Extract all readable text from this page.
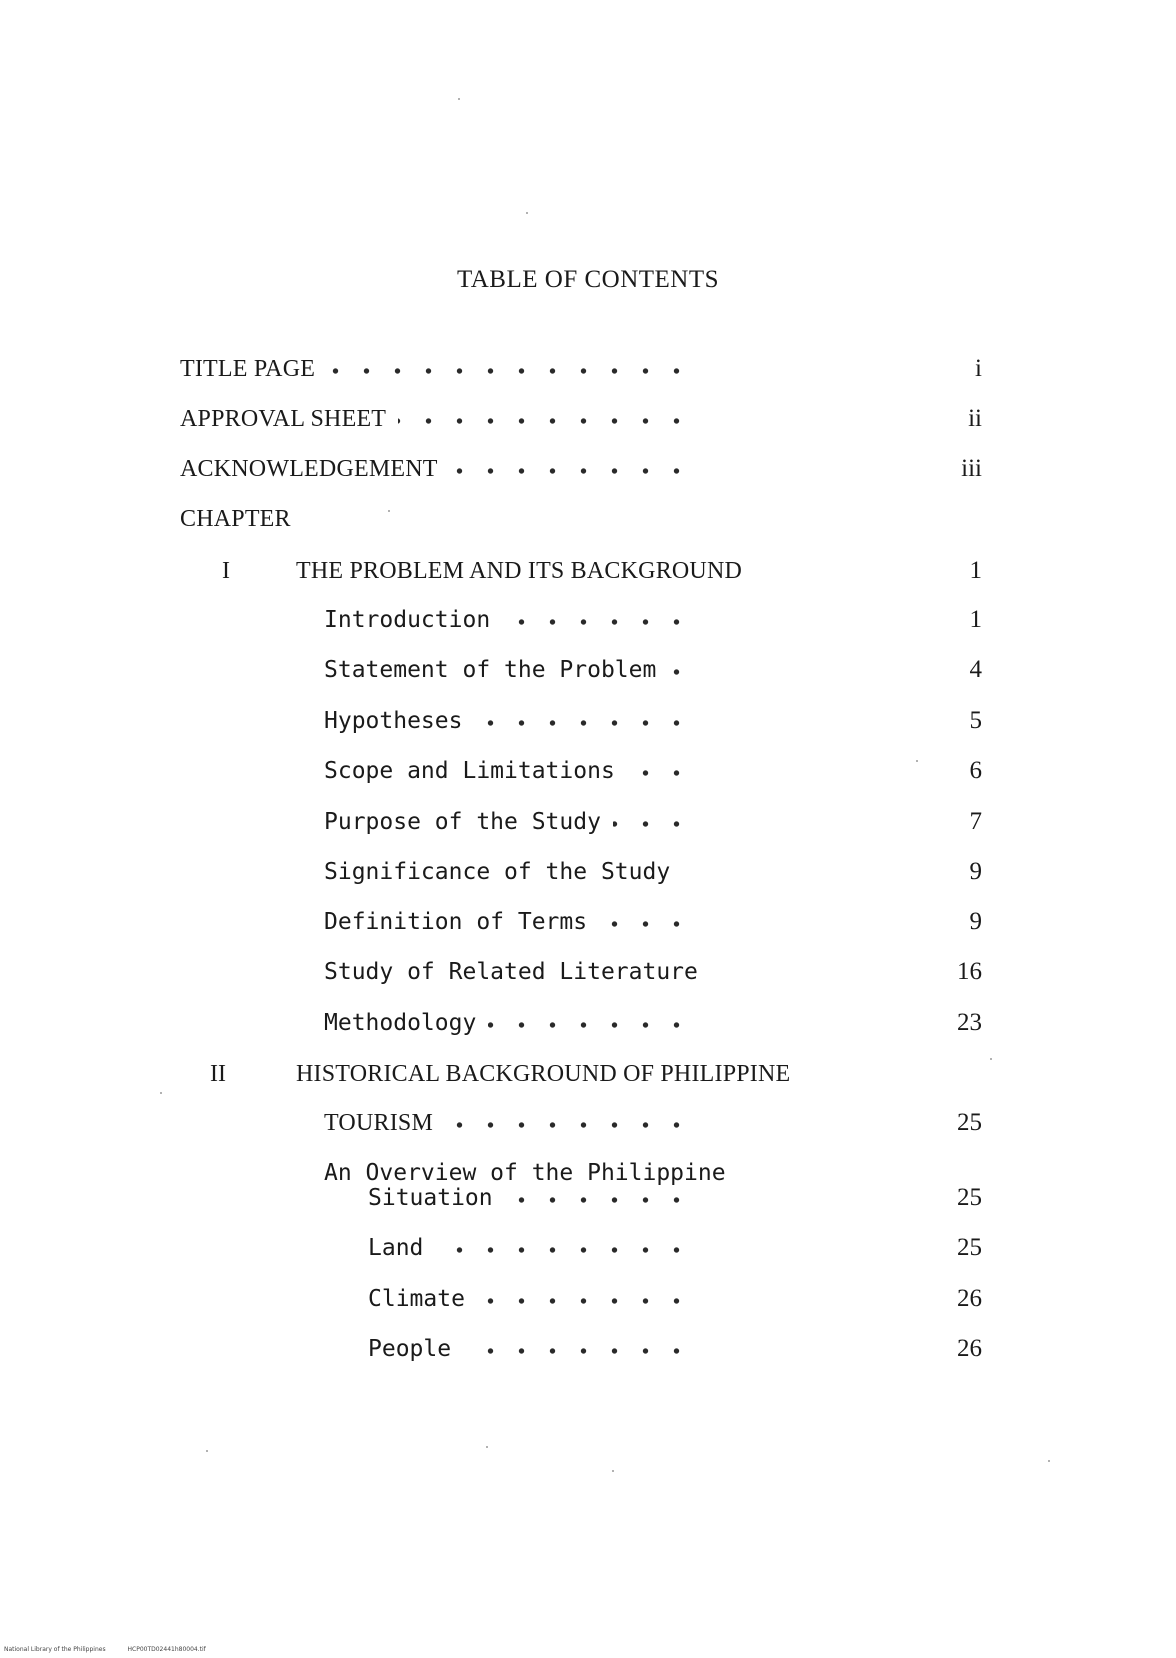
TABLE OF CONTENTS
TITLE PAGE	i
APPROVAL SHEET	ii
ACKNOWLEDGEMENT	iii
CHAPTER
I	THE PROBLEM AND ITS BACKGROUND	1
Introduction	1
Statement of the Problem	4
Hypotheses	5
Scope and Limitations	6
Purpose of the Study	7
Significance of the Study	9
Definition of Terms	9
Study of Related Literature	16
Methodology	23
II	HISTORICAL BACKGROUND OF PHILIPPINE
TOURISM	25
An Overview of the Philippine
Situation	25
Land	25
Climate	26
People	26
National Library of the Philippines	HCP00TD02441h80004.tif
